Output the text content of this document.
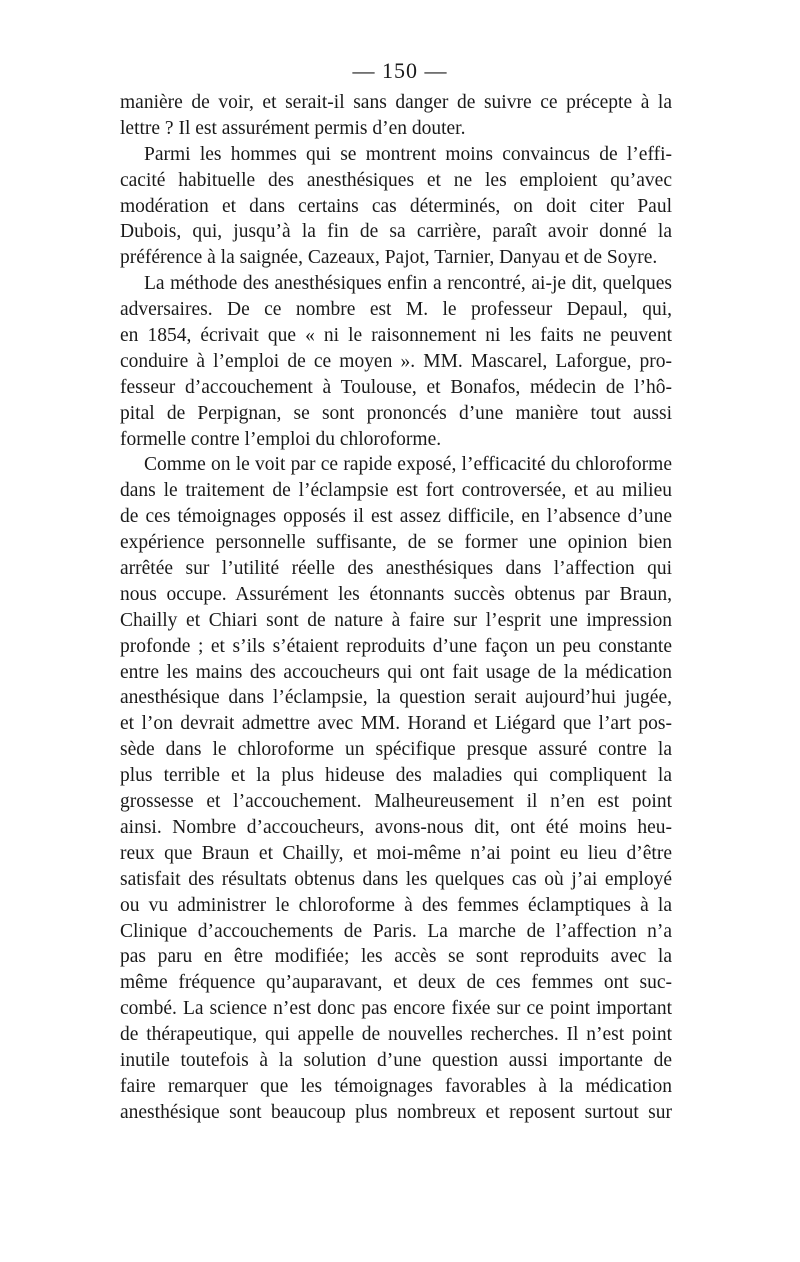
— 150 —
manière de voir, et serait-il sans danger de suivre ce précepte à la
lettre ? Il est assurément permis d’en douter.
Parmi les hommes qui se montrent moins convaincus de l’effi-
cacité habituelle des anesthésiques et ne les emploient qu’avec
modération et dans certains cas déterminés, on doit citer Paul
Dubois, qui, jusqu’à la fin de sa carrière, paraît avoir donné la
préférence à la saignée, Cazeaux, Pajot, Tarnier, Danyau et de Soyre.
La méthode des anesthésiques enfin a rencontré, ai-je dit, quelques
adversaires. De ce nombre est M. le professeur Depaul, qui,
en 1854, écrivait que « ni le raisonnement ni les faits ne peuvent
conduire à l’emploi de ce moyen ». MM. Mascarel, Laforgue, pro-
fesseur d’accouchement à Toulouse, et Bonafos, médecin de l’hô-
pital de Perpignan, se sont prononcés d’une manière tout aussi
formelle contre l’emploi du chloroforme.
Comme on le voit par ce rapide exposé, l’efficacité du chloroforme
dans le traitement de l’éclampsie est fort controversée, et au milieu
de ces témoignages opposés il est assez difficile, en l’absence d’une
expérience personnelle suffisante, de se former une opinion bien
arrêtée sur l’utilité réelle des anesthésiques dans l’affection qui
nous occupe. Assurément les étonnants succès obtenus par Braun,
Chailly et Chiari sont de nature à faire sur l’esprit une impression
profonde ; et s’ils s’étaient reproduits d’une façon un peu constante
entre les mains des accoucheurs qui ont fait usage de la médication
anesthésique dans l’éclampsie, la question serait aujourd’hui jugée,
et l’on devrait admettre avec MM. Horand et Liégard que l’art pos-
sède dans le chloroforme un spécifique presque assuré contre la
plus terrible et la plus hideuse des maladies qui compliquent la
grossesse et l’accouchement. Malheureusement il n’en est point
ainsi. Nombre d’accoucheurs, avons-nous dit, ont été moins heu-
reux que Braun et Chailly, et moi-même n’ai point eu lieu d’être
satisfait des résultats obtenus dans les quelques cas où j’ai employé
ou vu administrer le chloroforme à des femmes éclamptiques à la
Clinique d’accouchements de Paris. La marche de l’affection n’a
pas paru en être modifiée; les accès se sont reproduits avec la
même fréquence qu’auparavant, et deux de ces femmes ont suc-
combé. La science n’est donc pas encore fixée sur ce point important
de thérapeutique, qui appelle de nouvelles recherches. Il n’est point
inutile toutefois à la solution d’une question aussi importante de
faire remarquer que les témoignages favorables à la médication
anesthésique sont beaucoup plus nombreux et reposent surtout sur
